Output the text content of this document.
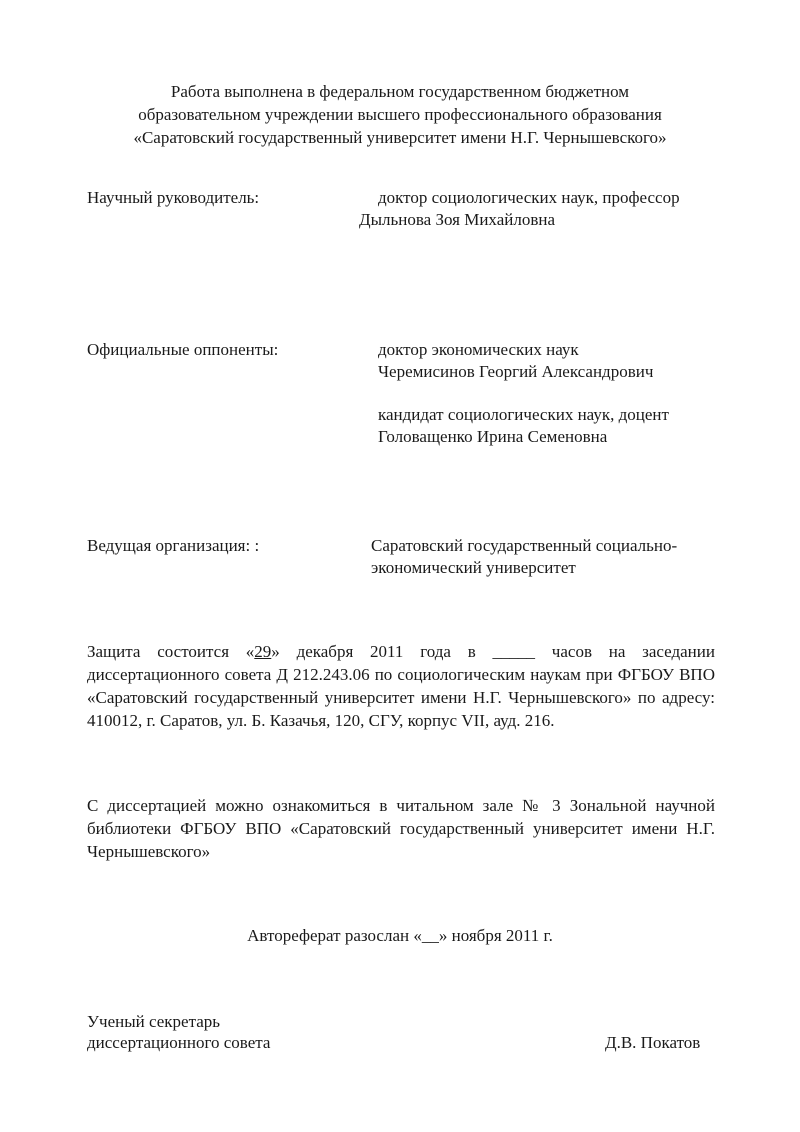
Работа выполнена в федеральном государственном бюджетном
образовательном учреждении высшего профессионального образования
«Саратовский государственный университет имени Н.Г. Чернышевского»
Научный руководитель:	доктор социологических наук, профессор
Дыльнова Зоя Михайловна
Официальные оппоненты:	доктор экономических наук
Черемисинов Георгий Александрович
кандидат социологических наук, доцент
Головащенко Ирина Семеновна
Ведущая организация: :	Саратовский государственный социально-
экономический университет

Защита состоится «29» декабря 2011 года в _____ часов на заседании диссертационного совета Д 212.243.06 по социологическим наукам при ФГБОУ ВПО «Саратовский государственный университет имени Н.Г. Чернышевского» по адресу: 410012, г. Саратов, ул. Б. Казачья, 120, СГУ, корпус VII, ауд. 216.

С диссертацией можно ознакомиться в читальном зале № 3 Зональной научной библиотеки ФГБОУ ВПО «Саратовский государственный университет имени Н.Г. Чернышевского»

Автореферат разослан «__» ноября 2011 г.
Ученый секретарь
диссертационного совета	Д.В. Покатов
